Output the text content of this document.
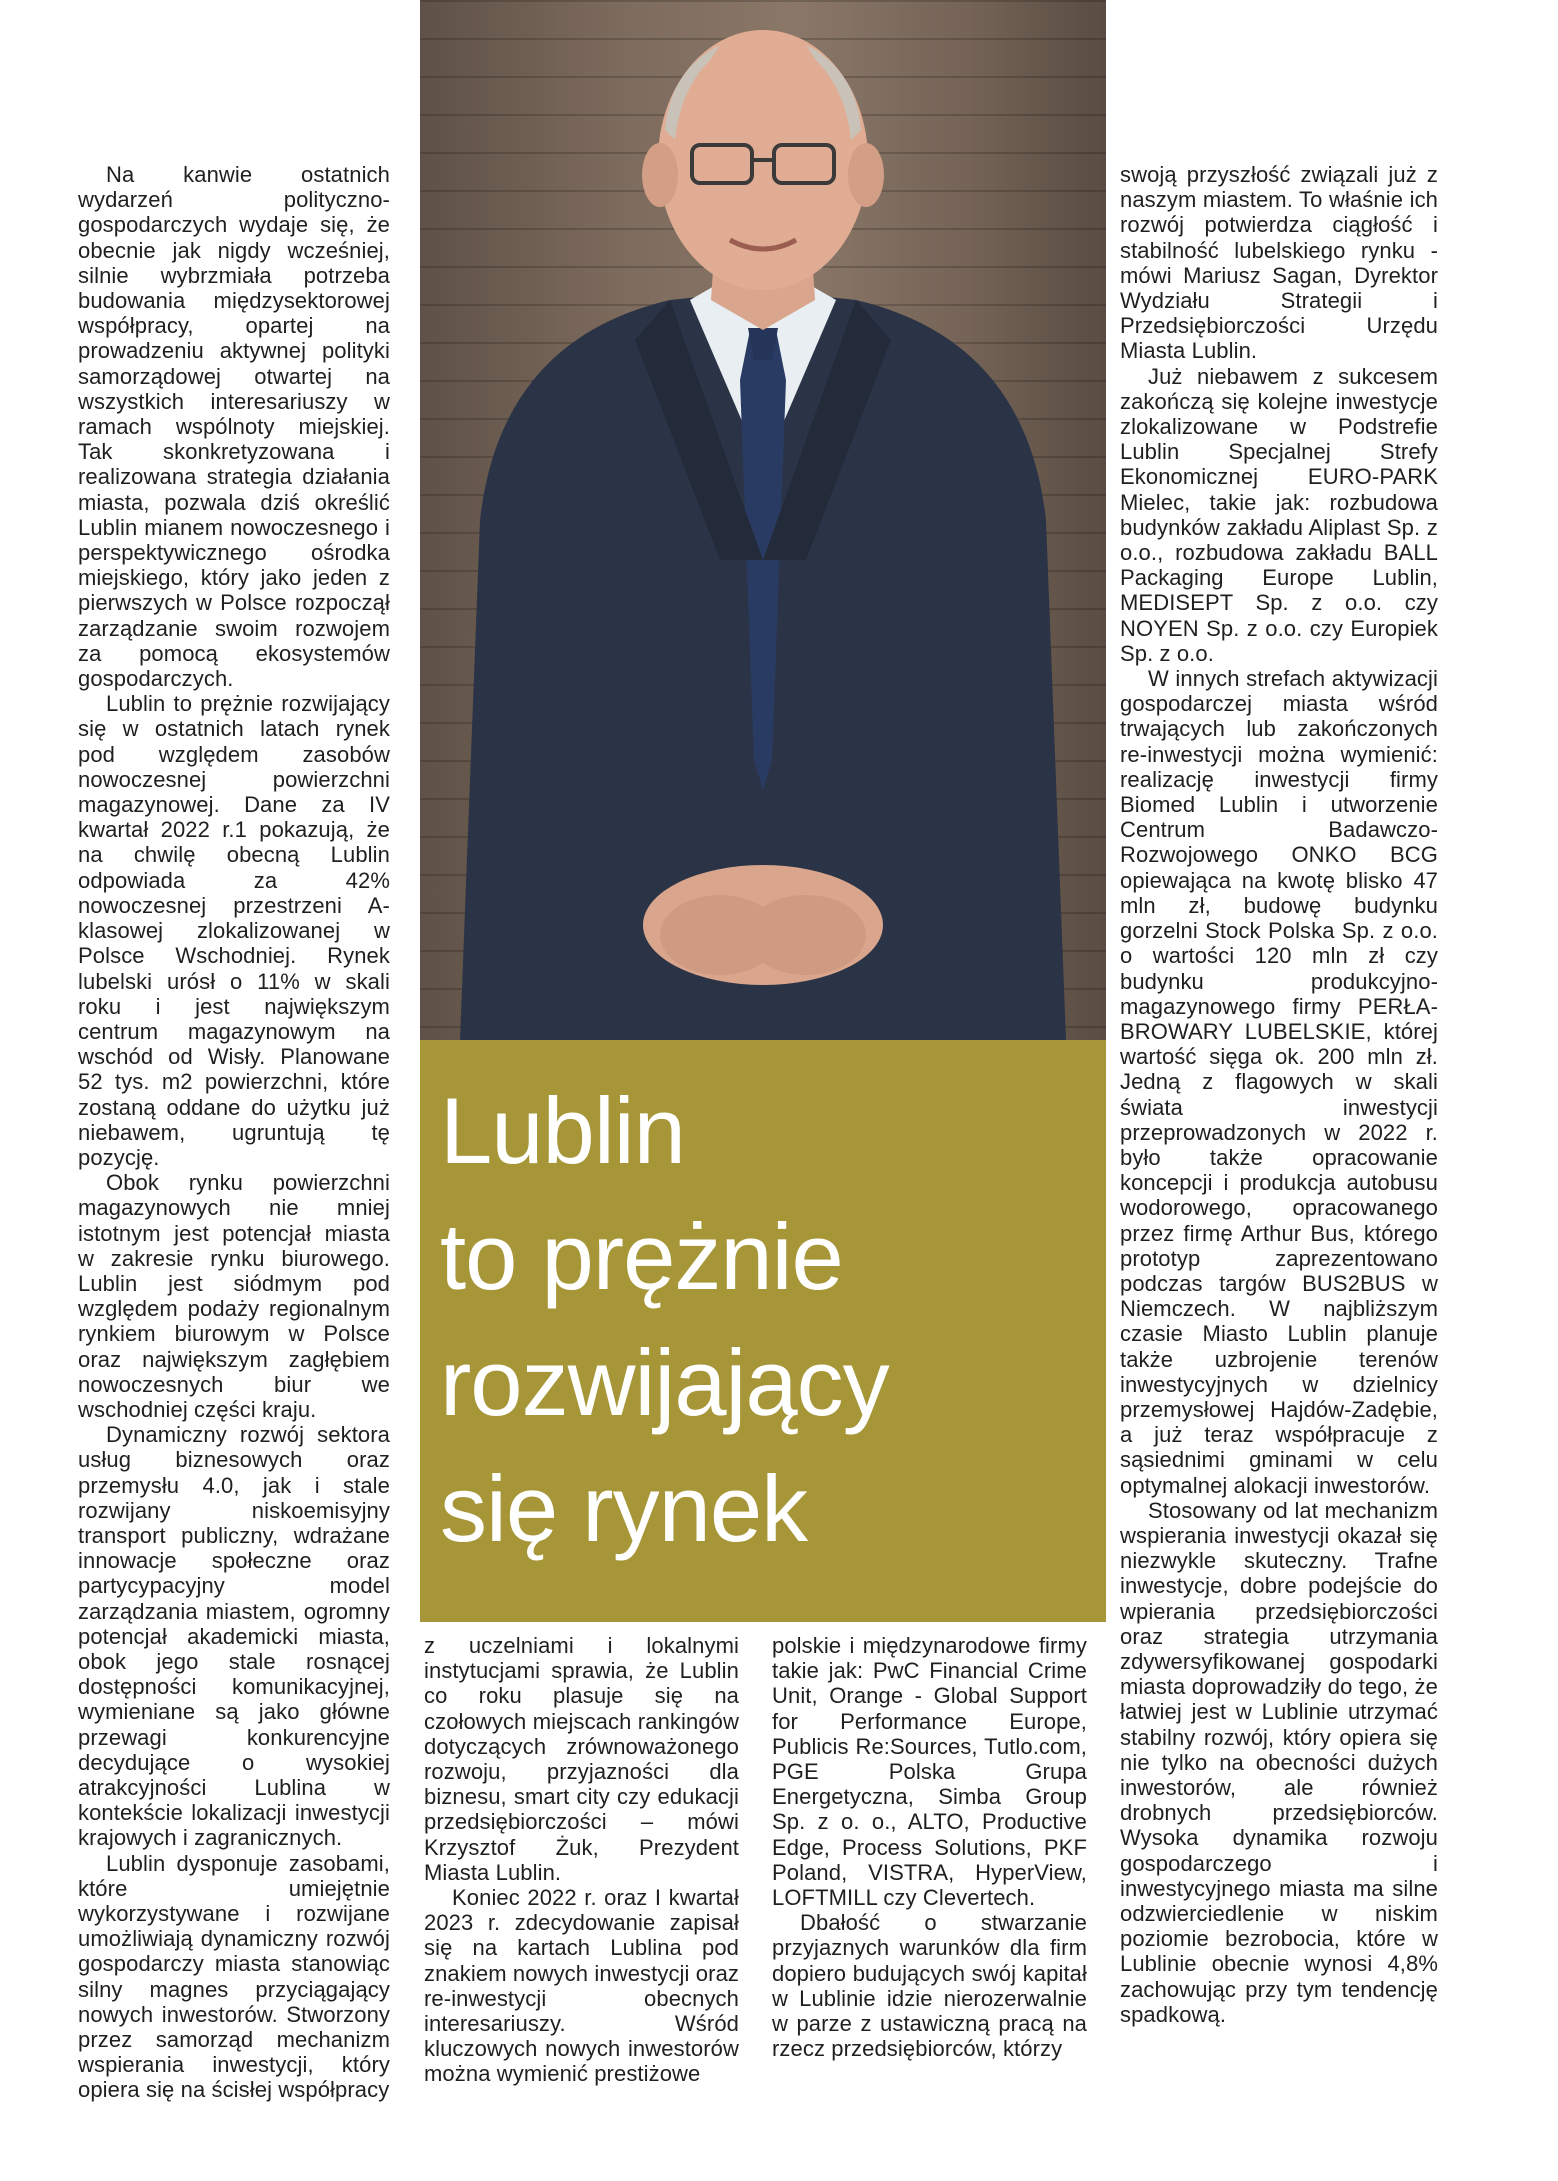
Lublin
to prężnie
rozwijający
się rynek

Na kanwie ostatnich wydarzeń polityczno-gospodarczych wydaje się, że obecnie jak nigdy wcześniej, silnie wybrzmiała potrzeba budowania międzysektorowej współpracy, opartej na prowadzeniu aktywnej polityki samorządowej otwartej na wszystkich interesariuszy w ramach wspólnoty miejskiej. Tak skonkretyzowana i realizowana strategia działania miasta, pozwala dziś określić Lublin mianem nowoczesnego i perspektywicznego ośrodka miejskiego, który jako jeden z pierwszych w Polsce rozpoczął zarządzanie swoim rozwojem za pomocą ekosystemów gospodarczych.

Lublin to prężnie rozwijający się w ostatnich latach rynek pod względem zasobów nowoczesnej powierzchni magazynowej. Dane za IV kwartał 2022 r.1 pokazują, że na chwilę obecną Lublin odpowiada za 42% nowoczesnej przestrzeni A-klasowej zlokalizowanej w Polsce Wschodniej. Rynek lubelski urósł o 11% w skali roku i jest największym centrum magazynowym na wschód od Wisły. Planowane 52 tys. m2 powierzchni, które zostaną oddane do użytku już niebawem, ugruntują tę pozycję.

Obok rynku powierzchni magazynowych nie mniej istotnym jest potencjał miasta w zakresie rynku biurowego. Lublin jest siódmym pod względem podaży regionalnym rynkiem biurowym w Polsce oraz największym zagłębiem nowoczesnych biur we wschodniej części kraju.

Dynamiczny rozwój sektora usług biznesowych oraz przemysłu 4.0, jak i stale rozwijany niskoemisyjny transport publiczny, wdrażane innowacje społeczne oraz partycypacyjny model zarządzania miastem, ogromny potencjał akademicki miasta, obok jego stale rosnącej dostępności komunikacyjnej, wymieniane są jako główne przewagi konkurencyjne decydujące o wysokiej atrakcyjności Lublina w kontekście lokalizacji inwestycji krajowych i zagranicznych.

Lublin dysponuje zasobami, które umiejętnie wykorzystywane i rozwijane umożliwiają dynamiczny rozwój gospodarczy miasta stanowiąc silny magnes przyciągający nowych inwestorów. Stworzony przez samorząd mechanizm wspierania inwestycji, który opiera się na ścisłej współpracy

z uczelniami i lokalnymi instytucjami sprawia, że Lublin co roku plasuje się na czołowych miejscach rankingów dotyczących zrównoważonego rozwoju, przyjazności dla biznesu, smart city czy edukacji przedsiębiorczości – mówi Krzysztof Żuk, Prezydent Miasta Lublin.

Koniec 2022 r. oraz I kwartał 2023 r. zdecydowanie zapisał się na kartach Lublina pod znakiem nowych inwestycji oraz re-inwestycji obecnych interesariuszy. Wśród kluczowych nowych inwestorów można wymienić prestiżowe

polskie i międzynarodowe firmy takie jak: PwC Financial Crime Unit, Orange - Global Support for Performance Europe, Publicis Re:Sources, Tutlo.com, PGE Polska Grupa Energetyczna, Simba Group Sp. z o. o., ALTO, Productive Edge, Process Solutions, PKF Poland, VISTRA, HyperView, LOFTMILL czy Clevertech.

Dbałość o stwarzanie przyjaznych warunków dla firm dopiero budujących swój kapitał w Lublinie idzie nierozerwalnie w parze z ustawiczną pracą na rzecz przedsiębiorców, którzy

swoją przyszłość związali już z naszym miastem. To właśnie ich rozwój potwierdza ciągłość i stabilność lubelskiego rynku - mówi Mariusz Sagan, Dyrektor Wydziału Strategii i Przedsiębiorczości Urzędu Miasta Lublin.

Już niebawem z sukcesem zakończą się kolejne inwestycje zlokalizowane w Podstrefie Lublin Specjalnej Strefy Ekonomicznej EURO-PARK Mielec, takie jak: rozbudowa budynków zakładu Aliplast Sp. z o.o., rozbudowa zakładu BALL Packaging Europe Lublin, MEDISEPT Sp. z o.o. czy NOYEN Sp. z o.o. czy Europiek Sp. z o.o.

W innych strefach aktywizacji gospodarczej miasta wśród trwających lub zakończonych re-inwestycji można wymienić: realizację inwestycji firmy Biomed Lublin i utworzenie Centrum Badawczo-Rozwojowego ONKO BCG opiewająca na kwotę blisko 47 mln zł, budowę budynku gorzelni Stock Polska Sp. z o.o. o wartości 120 mln zł czy budynku produkcyjno-magazynowego firmy PERŁA-BROWARY LUBELSKIE, której wartość sięga ok. 200 mln zł. Jedną z flagowych w skali świata inwestycji przeprowadzonych w 2022 r. było także opracowanie koncepcji i produkcja autobusu wodorowego, opracowanego przez firmę Arthur Bus, którego prototyp zaprezentowano podczas targów BUS2BUS w Niemczech. W najbliższym czasie Miasto Lublin planuje także uzbrojenie terenów inwestycyjnych w dzielnicy przemysłowej Hajdów-Zadębie, a już teraz współpracuje z sąsiednimi gminami w celu optymalnej alokacji inwestorów.

Stosowany od lat mechanizm wspierania inwestycji okazał się niezwykle skuteczny. Trafne inwestycje, dobre podejście do wpierania przedsiębiorczości oraz strategia utrzymania zdywersyfikowanej gospodarki miasta doprowadziły do tego, że łatwiej jest w Lublinie utrzymać stabilny rozwój, który opiera się nie tylko na obecności dużych inwestorów, ale również drobnych przedsiębiorców. Wysoka dynamika rozwoju gospodarczego i inwestycyjnego miasta ma silne odzwierciedlenie w niskim poziomie bezrobocia, które w Lublinie obecnie wynosi 4,8% zachowując przy tym tendencję spadkową.
